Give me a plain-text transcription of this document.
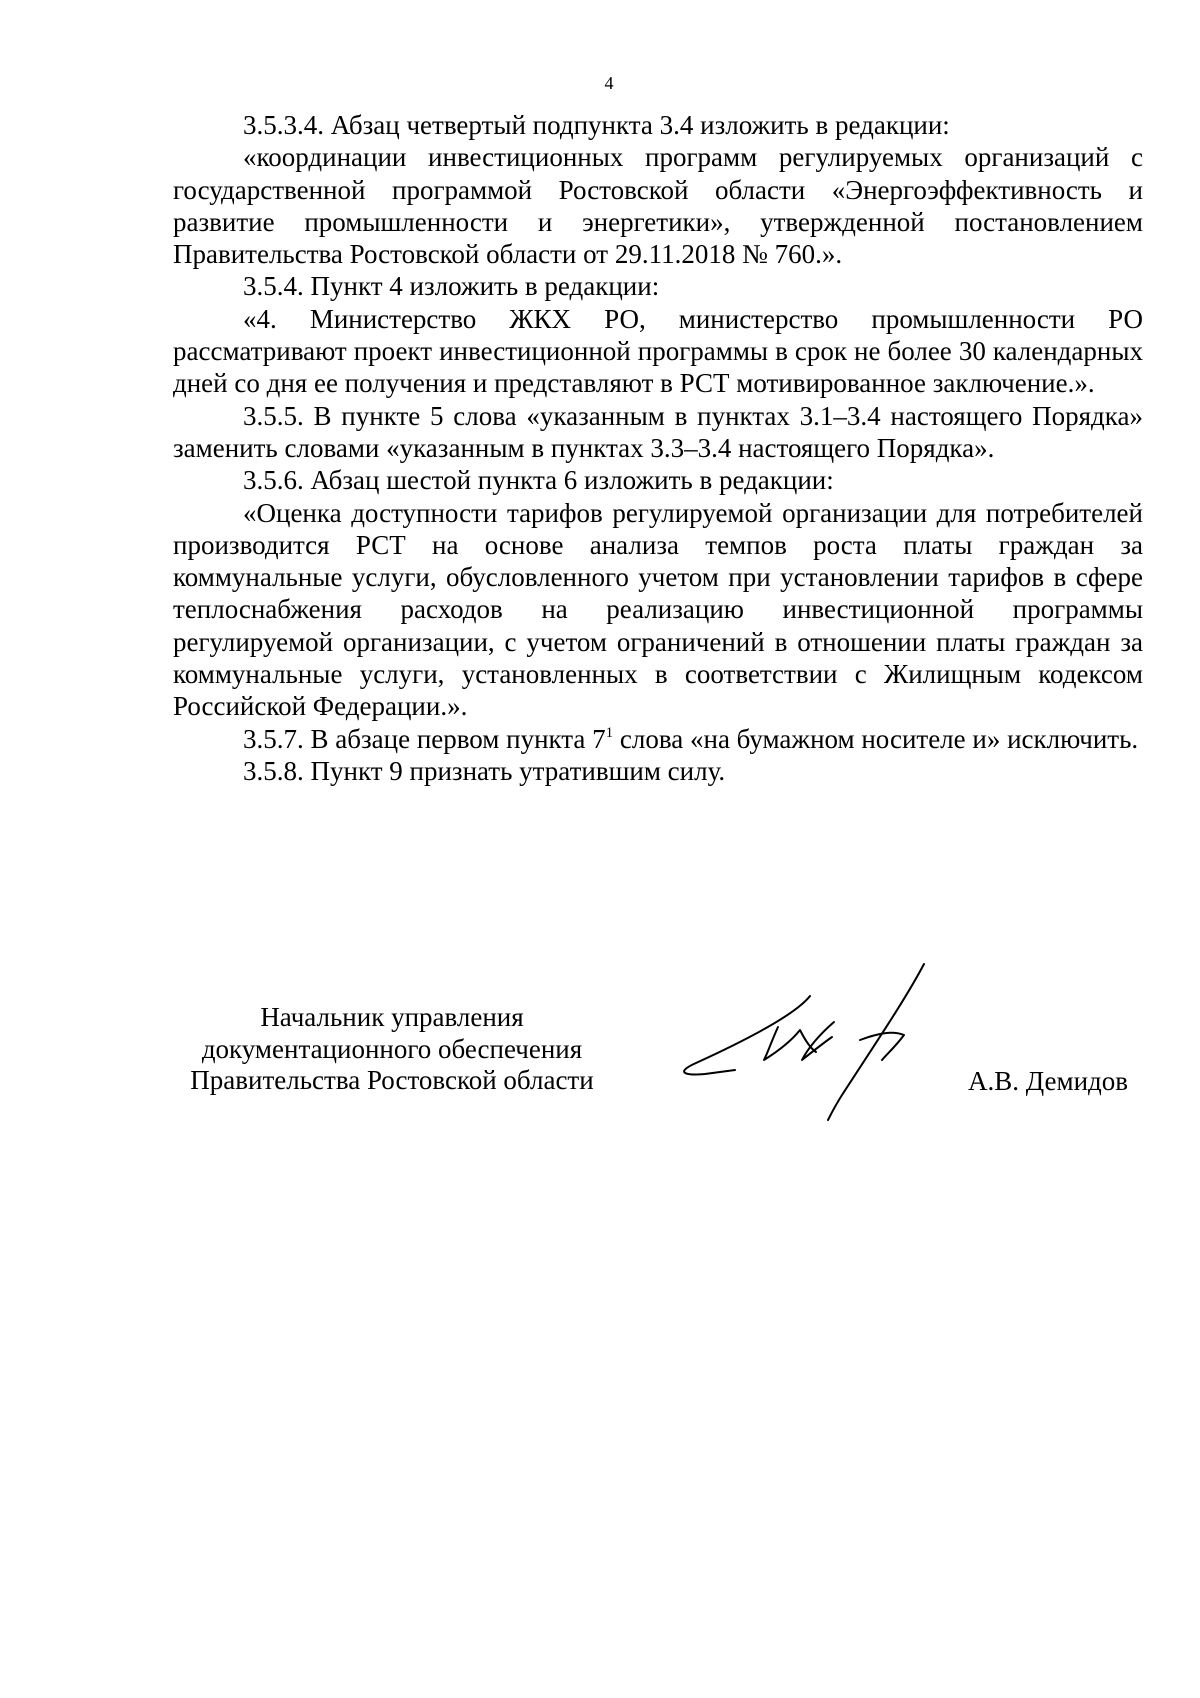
4

3.5.3.4. Абзац четвертый подпункта 3.4 изложить в редакции:

«координации инвестиционных программ регулируемых организаций с государственной программой Ростовской области «Энергоэффективность и развитие промышленности и энергетики», утвержденной постановлением Правительства Ростовской области от 29.11.2018 № 760.».

3.5.4. Пункт 4 изложить в редакции:

«4. Министерство ЖКХ РО, министерство промышленности РО рассматривают проект инвестиционной программы в срок не более 30 календарных дней со дня ее получения и представляют в РСТ мотивированное заключение.».

3.5.5. В пункте 5 слова «указанным в пунктах 3.1–3.4 настоящего Порядка» заменить словами «указанным в пунктах 3.3–3.4 настоящего Порядка».

3.5.6. Абзац шестой пункта 6 изложить в редакции:

«Оценка доступности тарифов регулируемой организации для потребителей производится РСТ на основе анализа темпов роста платы граждан за коммунальные услуги, обусловленного учетом при установлении тарифов в сфере теплоснабжения расходов на реализацию инвестиционной программы регулируемой организации, с учетом ограничений в отношении платы граждан за коммунальные услуги, установленных в соответствии с Жилищным кодексом Российской Федерации.».

3.5.7. В абзаце первом пункта $7^1$ слова «на бумажном носителе и» исключить.

3.5.8. Пункт 9 признать утратившим силу.

Начальник управления
документационного обеспечения
Правительства Ростовской области	А.В. Демидов
